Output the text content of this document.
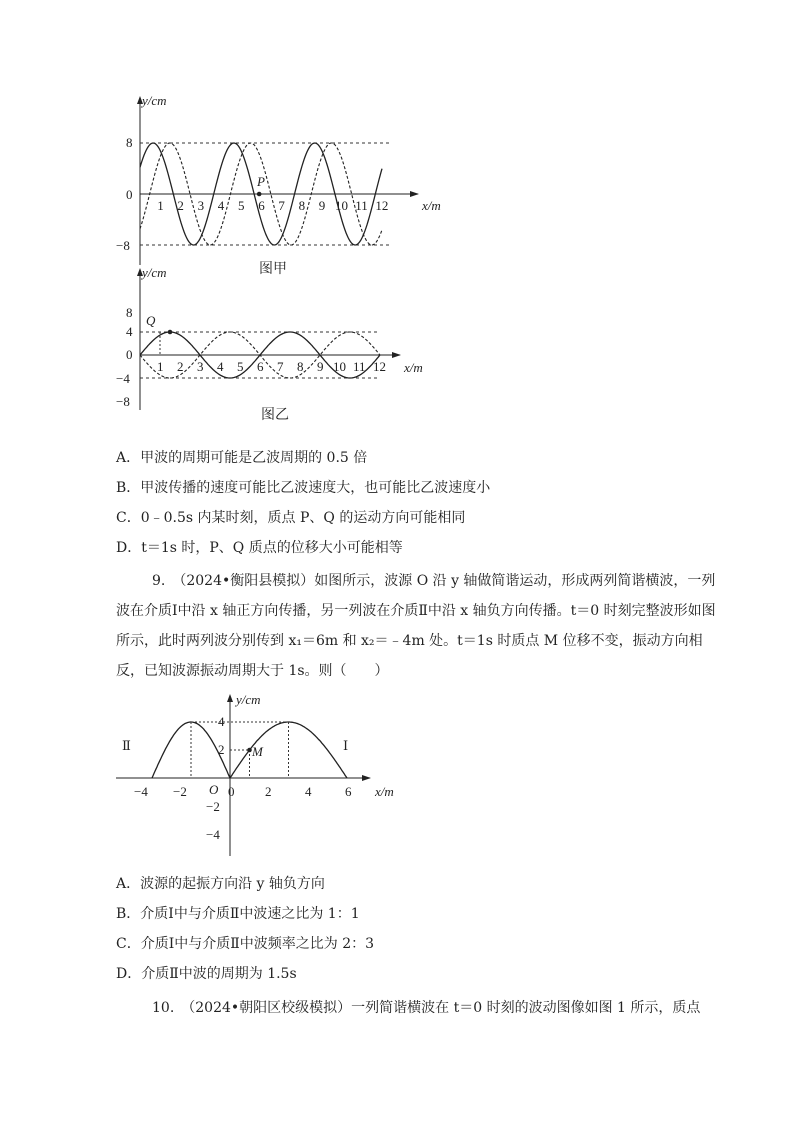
y/cm
x/m
8
0
−8
1 2 3 4 5 6 7 8 9 10 11 12
P
图甲
y/cm
x/m
8
4
0
−4
−8
1 2 3 4 5 6 7 8 9 10 11 12
Q
图乙
A．甲波的周期可能是乙波周期的 0.5 倍
B．甲波传播的速度可能比乙波速度大，也可能比乙波速度小
C．0﹣0.5s 内某时刻，质点 P、Q 的运动方向可能相同
D．t＝1s 时，P、Q 质点的位移大小可能相等
9.　（2024•衡阳县模拟）如图所示，波源 O 沿 y 轴做简谐运动，形成两列简谐横波，一列波在介质Ⅰ中沿 x 轴正方向传播，另一列波在介质Ⅱ中沿 x 轴负方向传播。t＝0 时刻完整波形如图所示，此时两列波分别传到 x₁＝6m 和 x₂＝﹣4m 处。t＝1s 时质点 M 位移不变，振动方向相反，已知波源振动周期大于 1s。则（　　）
y/cm
x/m
4
2
−2
−4
−4 −2 O 0 2	4	6
M
Ⅱ	Ⅰ
A．波源的起振方向沿 y 轴负方向
B．介质Ⅰ中与介质Ⅱ中波速之比为 1：1
C．介质Ⅰ中与介质Ⅱ中波频率之比为 2：3
D．介质Ⅱ中波的周期为 1.5s
10.　（2024•朝阳区校级模拟）一列简谐横波在 t＝0 时刻的波动图像如图 1 所示，质点
